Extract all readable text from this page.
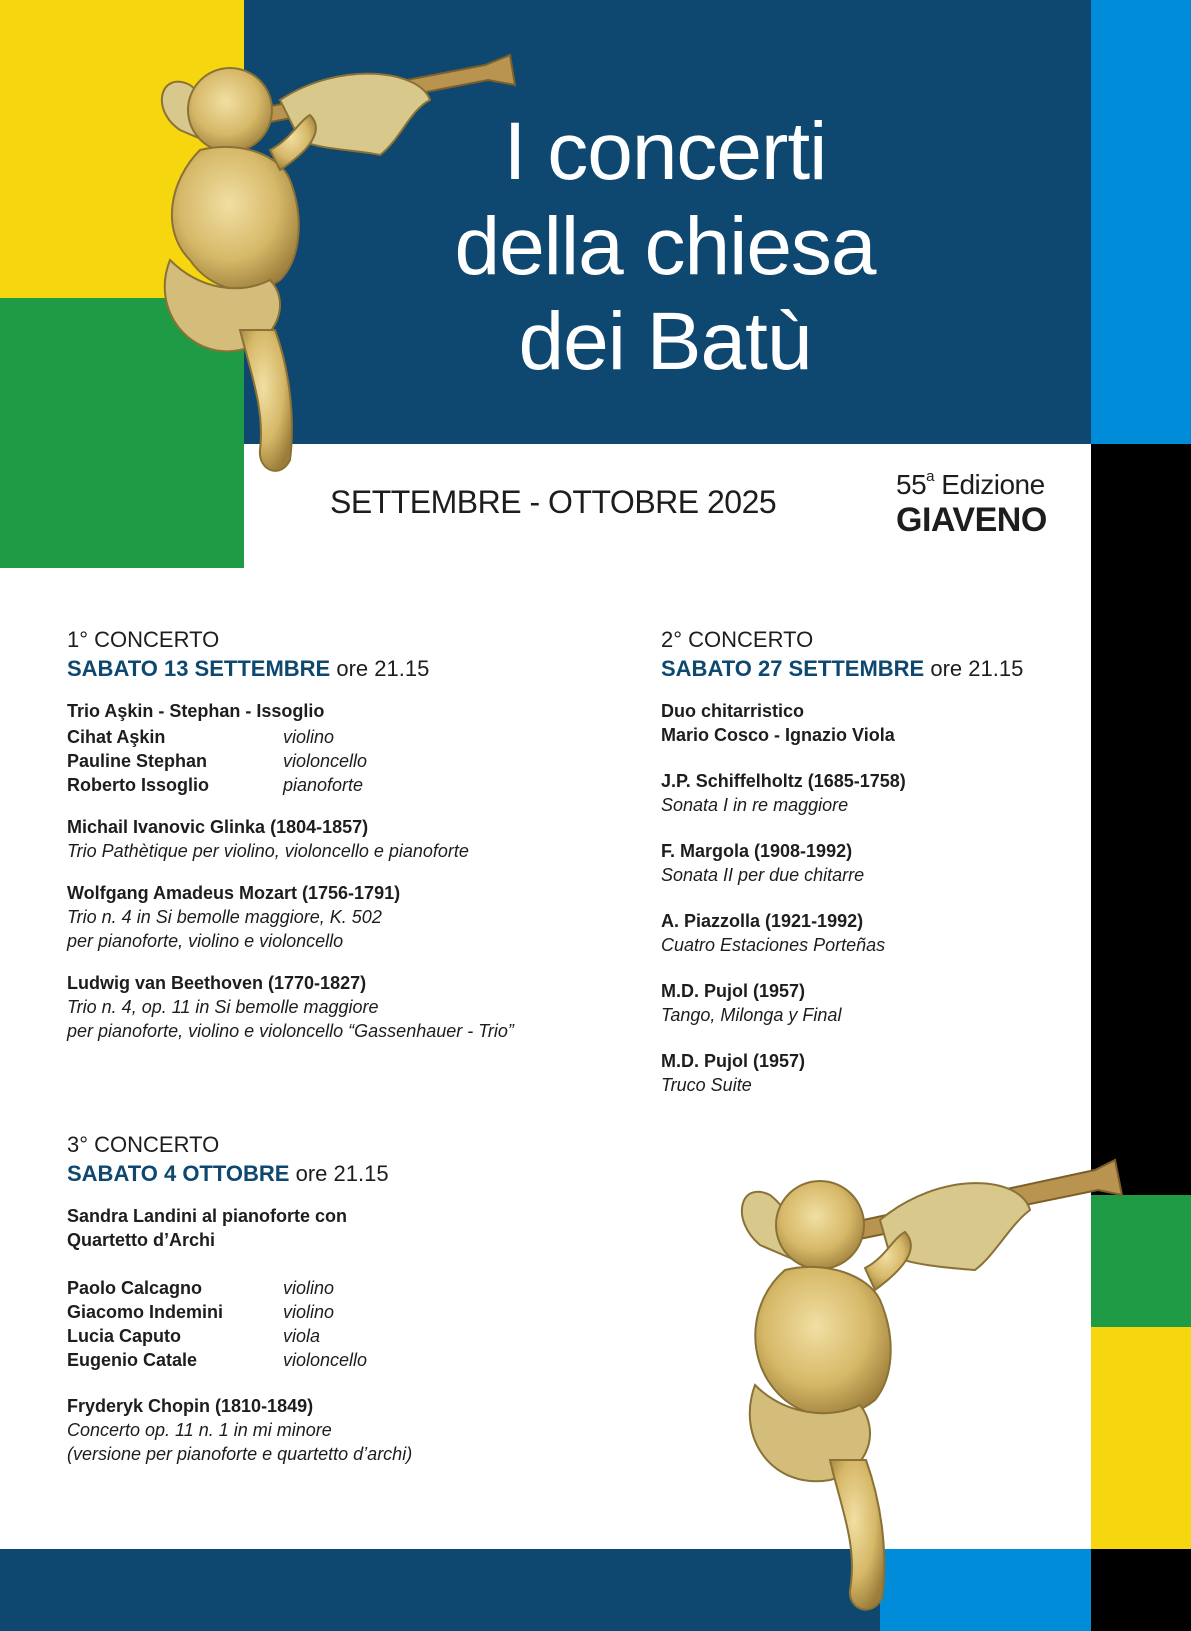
I concerti
della chiesa
dei Batù
SETTEMBRE - OTTOBRE 2025	55$^a$ Edizione
GIAVENO
1° CONCERTO
SABATO 13 SETTEMBRE ore 21.15
Trio Aşkin - Stephan - Issoglio
Cihat Aşkin	violino
Pauline Stephan	violoncello
Roberto Issoglio	pianoforte
Michail Ivanovic Glinka (1804-1857)
Trio Pathètique per violino, violoncello e pianoforte
Wolfgang Amadeus Mozart (1756-1791)
Trio n. 4 in Si bemolle maggiore, K. 502
per pianoforte, violino e violoncello
Ludwig van Beethoven (1770-1827)
Trio n. 4, op. 11 in Si bemolle maggiore
per pianoforte, violino e violoncello “Gassenhauer - Trio”
2° CONCERTO
SABATO 27 SETTEMBRE ore 21.15
Duo chitarristico
Mario Cosco - Ignazio Viola
J.P. Schiffelholtz (1685-1758)
Sonata I in re maggiore
F. Margola (1908-1992)
Sonata II per due chitarre
A. Piazzolla (1921-1992)
Cuatro Estaciones Porteñas
M.D. Pujol (1957)
Tango, Milonga y Final
M.D. Pujol (1957)
Truco Suite
3° CONCERTO
SABATO 4 OTTOBRE ore 21.15
Sandra Landini al pianoforte con
Quartetto d’Archi
Paolo Calcagno	violino
Giacomo Indemini	violino
Lucia Caputo	viola
Eugenio Catale	violoncello
Fryderyk Chopin (1810-1849)
Concerto op. 11 n. 1 in mi minore
(versione per pianoforte e quartetto d’archi)
